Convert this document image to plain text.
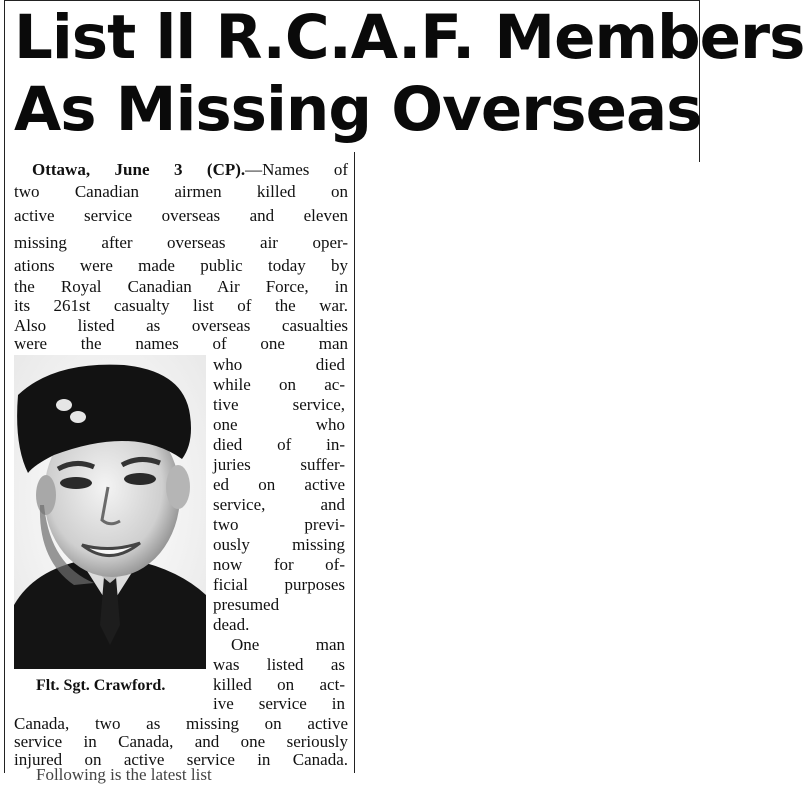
List ll R.C.A.F. Members
As Missing Overseas
Ottawa, June 3 (CP).—Names of
two Canadian airmen killed on
active service overseas and eleven
missing after overseas air oper-
ations were made public today by
the Royal Canadian Air Force, in
its 261st casualty list of the war.
Also listed as overseas casualties
were the names of one man
who died
while on ac-
tive service,
one who
died of in-
juries suffer-
ed on active
service, and
two previ-
ously missing
now for of-
ficial purposes
presumed
dead.
One man
was listed as
killed on act-
ive service in
Flt. Sgt. Crawford.
Canada, two as missing on active
service in Canada, and one seriously
injured on active service in Canada.
Following is the latest list
